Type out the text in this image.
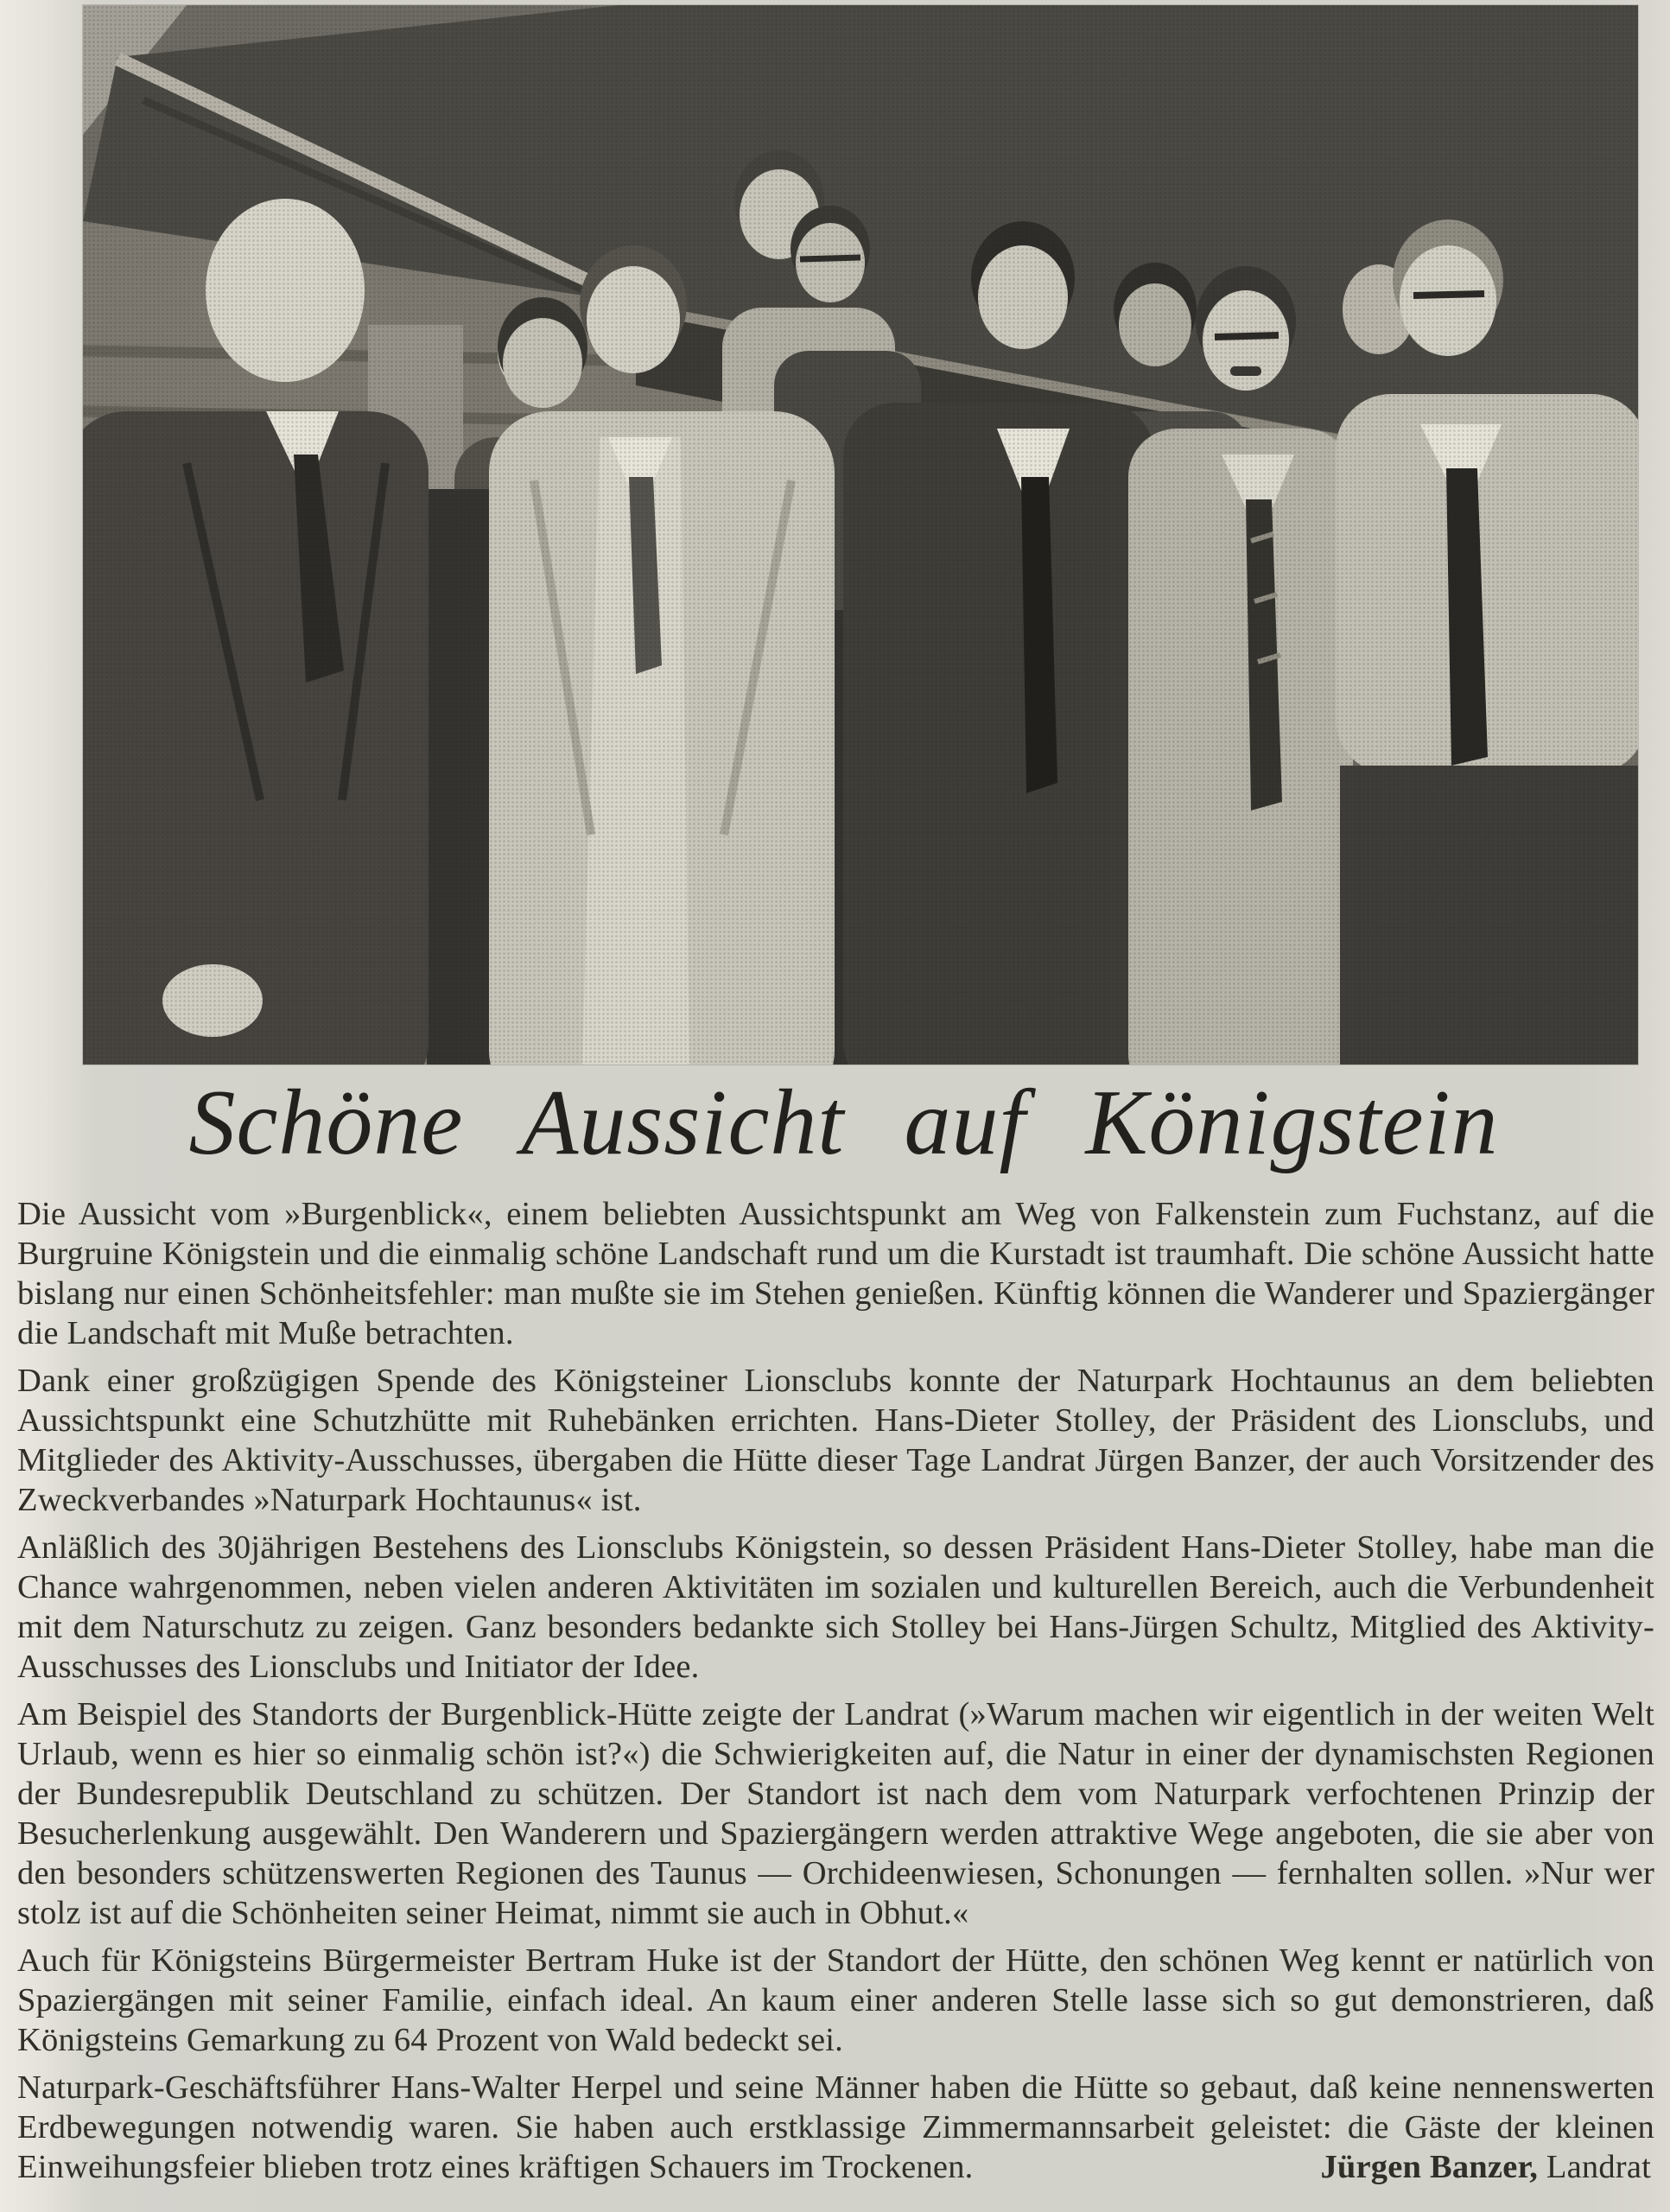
Schöne Aussicht auf Königstein

Die Aussicht vom »Burgenblick«, einem beliebten Aussichtspunkt am Weg von Falkenstein zum Fuchstanz, auf die Burgruine Königstein und die einmalig schöne Landschaft rund um die Kurstadt ist traumhaft. Die schöne Aussicht hatte bislang nur einen Schönheitsfehler: man mußte sie im Stehen genießen. Künftig können die Wanderer und Spaziergänger die Landschaft mit Muße betrachten.

Dank einer großzügigen Spende des Königsteiner Lionsclubs konnte der Naturpark Hochtaunus an dem beliebten Aussichtspunkt eine Schutzhütte mit Ruhebänken errichten. Hans-Dieter Stolley, der Präsident des Lionsclubs, und Mitglieder des Aktivity-Ausschusses, übergaben die Hütte dieser Tage Landrat Jürgen Banzer, der auch Vorsitzender des Zweckverbandes »Naturpark Hochtaunus« ist.

Anläßlich des 30jährigen Bestehens des Lionsclubs Königstein, so dessen Präsident Hans-Dieter Stolley, habe man die Chance wahrgenommen, neben vielen anderen Aktivitäten im sozialen und kulturellen Bereich, auch die Verbundenheit mit dem Naturschutz zu zeigen. Ganz besonders bedankte sich Stolley bei Hans-Jürgen Schultz, Mitglied des Aktivity-Ausschusses des Lionsclubs und Initiator der Idee.

Am Beispiel des Standorts der Burgenblick-Hütte zeigte der Landrat (»Warum machen wir eigentlich in der weiten Welt Urlaub, wenn es hier so einmalig schön ist?«) die Schwierigkeiten auf, die Natur in einer der dynamischsten Regionen der Bundesrepublik Deutschland zu schützen. Der Standort ist nach dem vom Naturpark verfochtenen Prinzip der Besucherlenkung ausgewählt. Den Wanderern und Spaziergängern werden attraktive Wege angeboten, die sie aber von den besonders schützenswerten Regionen des Taunus — Orchideenwiesen, Schonungen — fernhalten sollen. »Nur wer stolz ist auf die Schönheiten seiner Heimat, nimmt sie auch in Obhut.«

Auch für Königsteins Bürgermeister Bertram Huke ist der Standort der Hütte, den schönen Weg kennt er natürlich von Spaziergängen mit seiner Familie, einfach ideal. An kaum einer anderen Stelle lasse sich so gut demonstrieren, daß Königsteins Gemarkung zu 64 Prozent von Wald bedeckt sei.

Naturpark-Geschäftsführer Hans-Walter Herpel und seine Männer haben die Hütte so gebaut, daß keine nennenswerten Erdbewegungen notwendig waren. Sie haben auch erstklassige Zimmermannsarbeit geleistet: die Gäste der kleinen Einweihungsfeier blieben trotz eines kräftigen Schauers im Trockenen.	Jürgen Banzer, Landrat
